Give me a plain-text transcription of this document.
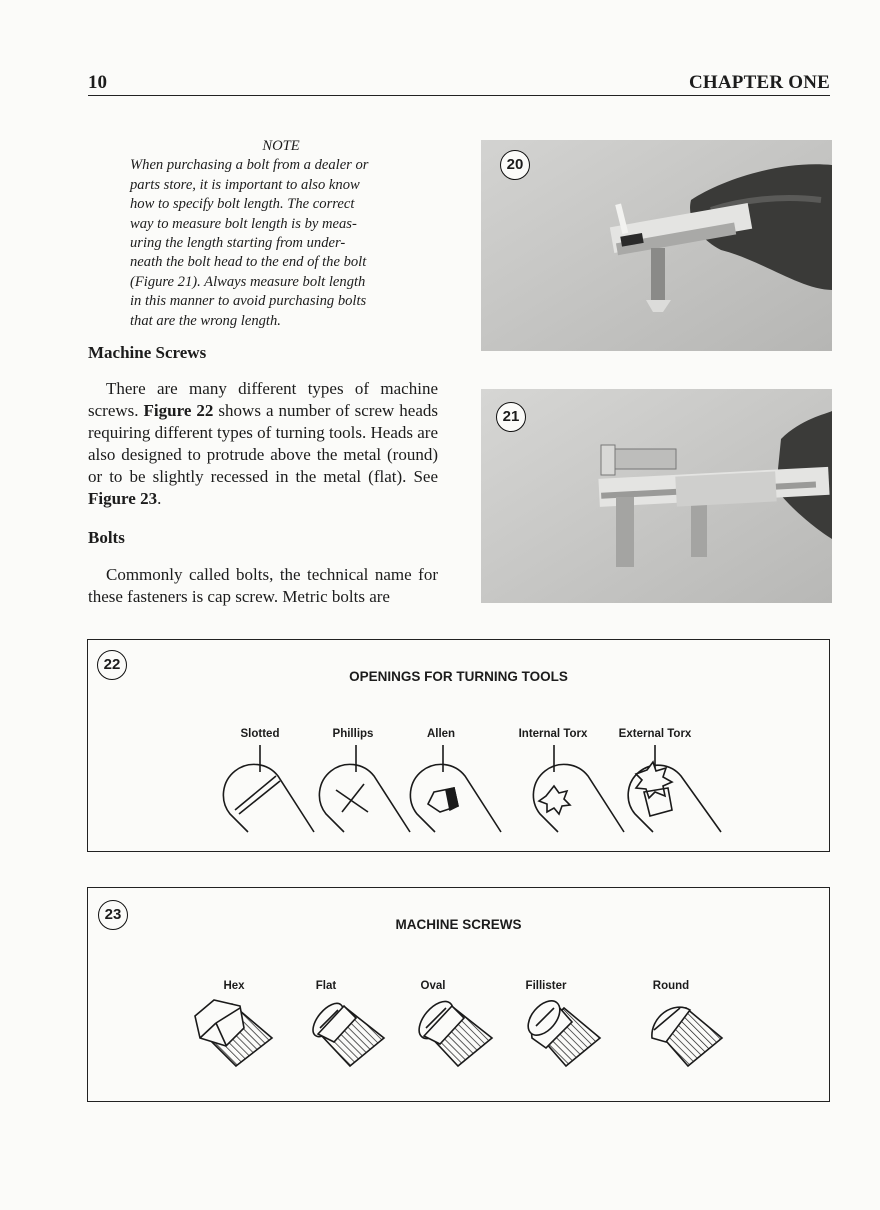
10	CHAPTER ONE
NOTE
When purchasing a bolt from a dealer or
parts store, it is important to also know
how to specify bolt length. The correct
way to measure bolt length is by meas-
uring the length starting from under-
neath the bolt head to the end of the bolt
(Figure 21). Always measure bolt length
in this manner to avoid purchasing bolts
that are the wrong length.
Machine Screws
There are many different types of machine screws. Figure 22 shows a number of screw heads requiring different types of turning tools. Heads are also designed to protrude above the metal (round) or to be slightly recessed in the metal (flat). See Figure 23.
Bolts
Commonly called bolts, the technical name for these fasteners is cap screw. Metric bolts are
20
21
22
OPENINGS FOR TURNING TOOLS
Slotted	Phillips	Allen	Internal Torx	External Torx
23
MACHINE SCREWS
Hex	Flat	Oval	Fillister	Round
